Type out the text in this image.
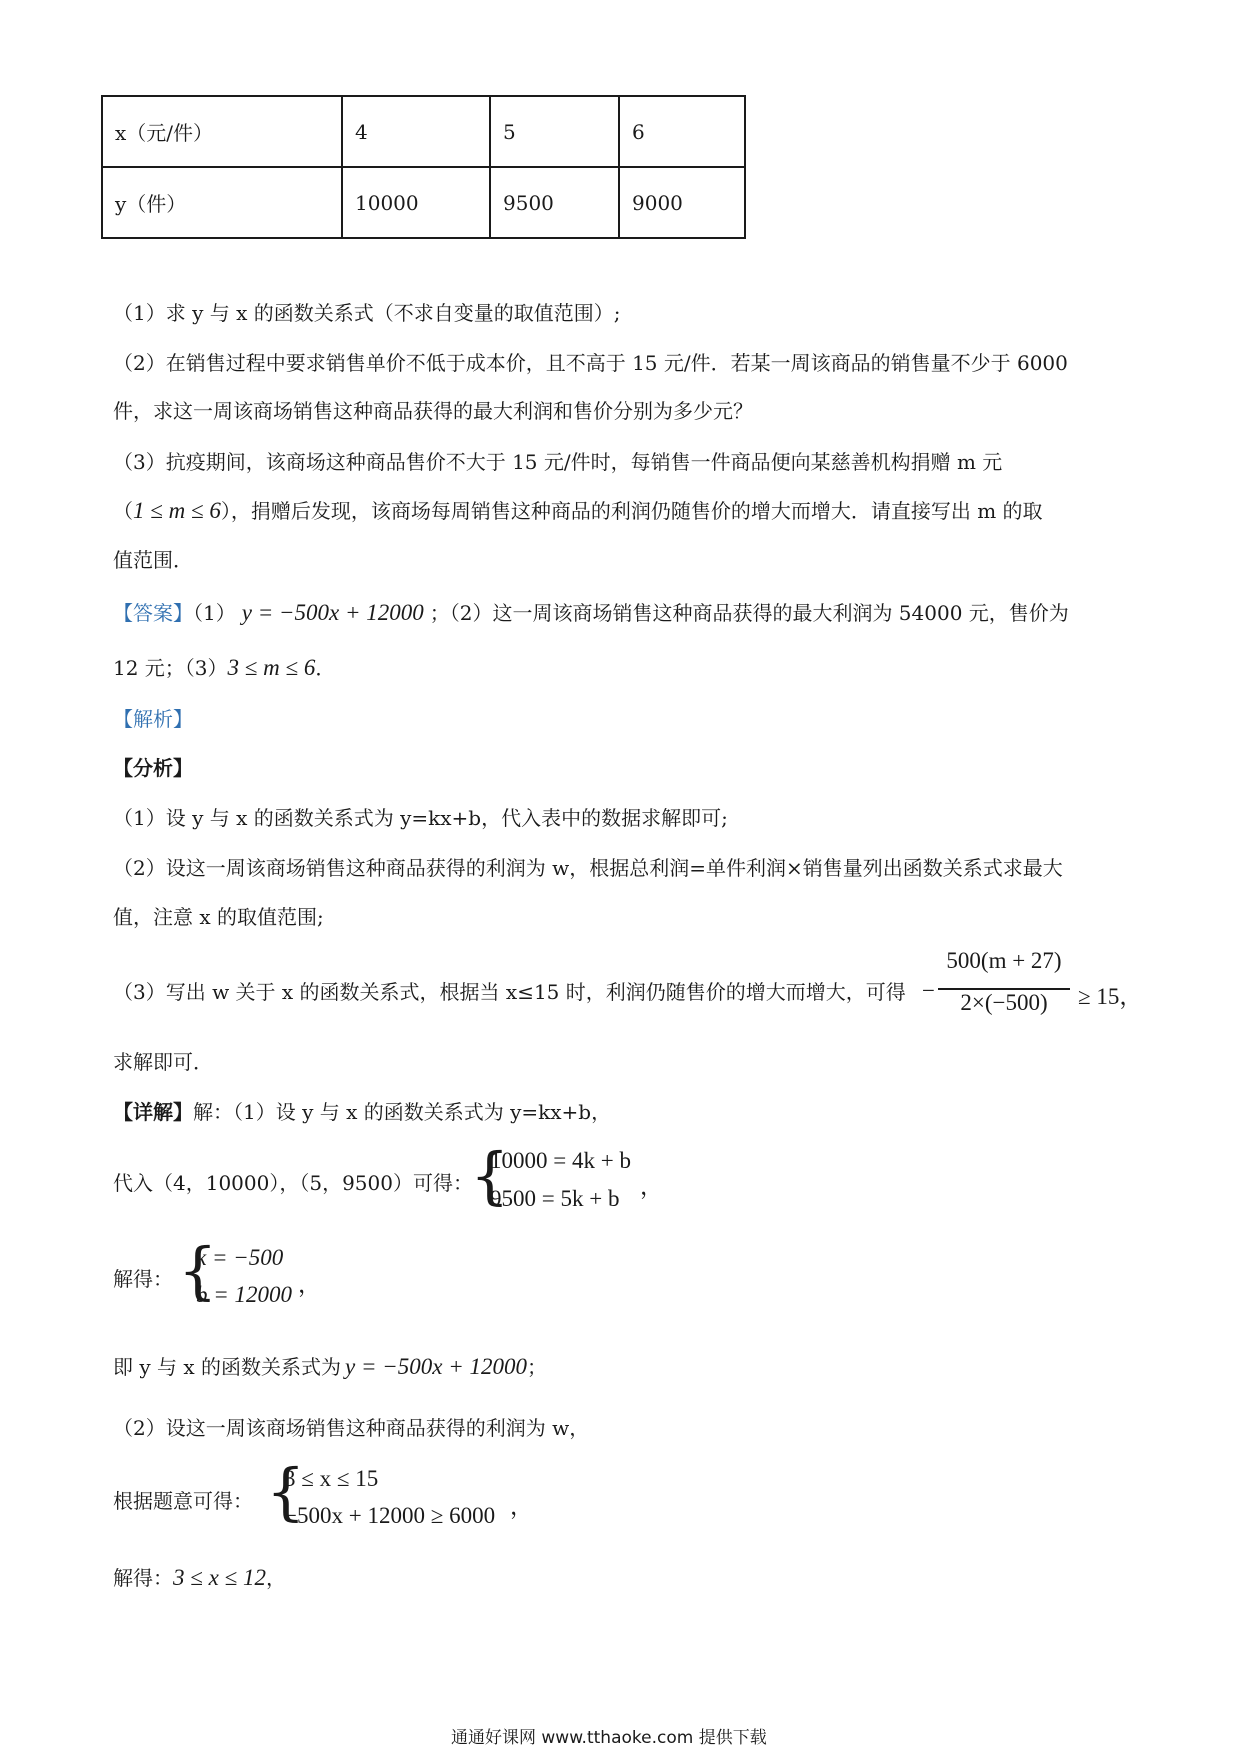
x（元/件）	4	5	6
y（件）	10000	9500	9000
（1）求 y 与 x 的函数关系式（不求自变量的取值范围）;
（2）在销售过程中要求销售单价不低于成本价，且不高于 15 元/件．若某一周该商品的销售量不少于 6000
件，求这一周该商场销售这种商品获得的最大利润和售价分别为多少元？
（3）抗疫期间，该商场这种商品售价不大于 15 元/件时，每销售一件商品便向某慈善机构捐赠 m 元
（1 ≤ m ≤ 6），捐赠后发现，该商场每周销售这种商品的利润仍随售价的增大而增大．请直接写出 m 的取
值范围．
【答案】（1） y = −500x + 12000 ；（2）这一周该商场销售这种商品获得的最大利润为 54000 元，售价为
12 元；（3）3 ≤ m ≤ 6．
【解析】
【分析】
（1）设 y 与 x 的函数关系式为 y=kx+b，代入表中的数据求解即可;
（2）设这一周该商场销售这种商品获得的利润为 w，根据总利润=单件利润×销售量列出函数关系式求最大
值，注意 x 的取值范围;
（3）写出 w 关于 x 的函数关系式，根据当 x≤15 时，利润仍随售价的增大而增大，可得 −
500(m + 27)
2×(−500)	≥ 15，
求解即可．
【详解】解：（1）设 y 与 x 的函数关系式为 y=kx+b，
代入（4，10000），（5，9500）可得：
{
10000 = 4k + b
9500 = 5k + b ，
解得： {
k = −500
b = 12000 ，
即 y 与 x 的函数关系式为 y = −500x + 12000；
（2）设这一周该商场销售这种商品获得的利润为 w，
根据题意可得： {
3 ≤ x ≤ 15
−500x + 12000 ≥ 6000 ，
解得：3 ≤ x ≤ 12，
通通好课网 www.tthaoke.com 提供下载
